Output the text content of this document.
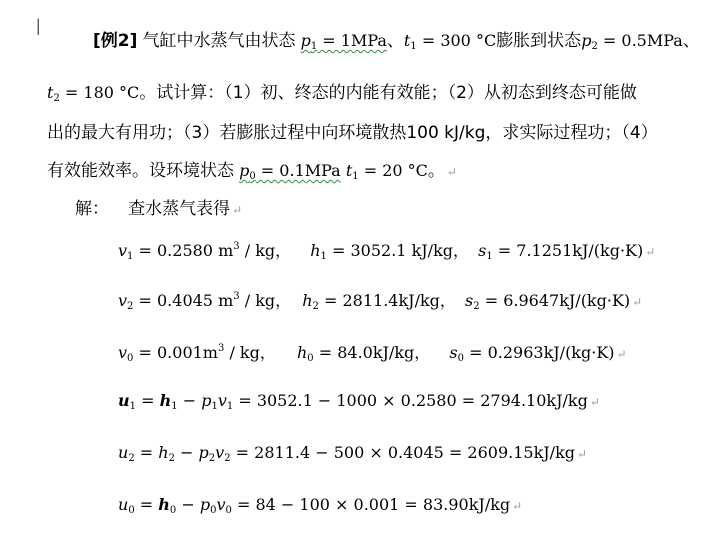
I	[例2] 气缸中水蒸气由状态 $p_1 = 1MPa$、$t_1 = 300$ °C膨胀到状态$p_2 = 0.5MPa$、
$t_2 = 180$ °C。试计算：（1）初、终态的内能有效能；（2）从初态到终态可能做
出的最大有用功；（3）若膨胀过程中向环境散热100 kJ/kg，求实际过程功；（4）
有效能效率。设环境状态 $p_0 = 0.1MPa$ $t_1 = 20$ °C。 ↵
解： 查水蒸气表得 ↵
$v_1 = 0.2580$ $m^3$ / kg， $h_1 = 3052.1$ kJ/kg， $s_1 = 7.1251kJ/(kg\cdot K)$ ↵
$v_2 = 0.4045$ $m^3$ / kg， $h_2 = 2811.4kJ/kg$， $s_2 = 6.9647kJ/(kg\cdot K)$ ↵
$v_0 = 0.001m^3$ / kg， $h_0 = 84.0kJ/kg$， $s_0 = 0.2963kJ/(kg\cdot K)$ ↵
$u_1 = h_1 - p_1v_1 = 3052.1 - 1000 \times 0.2580 = 2794.10kJ/kg$ ↵
$u_2 = h_2 - p_2v_2 = 2811.4 - 500 \times 0.4045 = 2609.15kJ/kg$ ↵
$u_0 = h_0 - p_0v_0 = 84 - 100 \times 0.001 = 83.90kJ/kg$ ↵
